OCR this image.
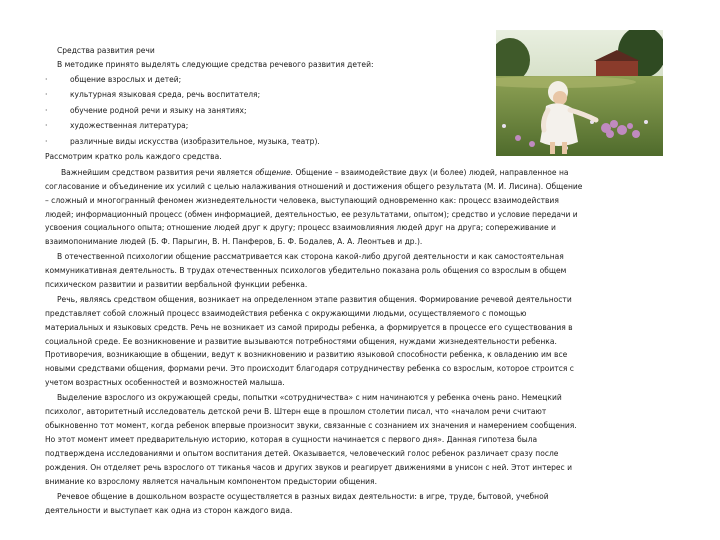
Средства развития речи
В методике принято выделять следующие средства речевого развития детей:
·	общение взрослых и детей;
·	культурная языковая среда, речь воспитателя;
·	обучение родной речи и языку на занятиях;
·	художественная литература;
·	различные виды искусства (изобразительное, музыка, театр).
Рассмотрим кратко роль каждого средства.
Важнейшим средством развития речи является общение. Общение – взаимодействие двух (и более) людей, направленное на
согласование и объединение их усилий с целью налаживания отношений и достижения общего результата (М. И. Лисина). Общение
– сложный и многогранный феномен жизнедеятельности человека, выступающий одновременно как: процесс взаимодействия
людей; информационный процесс (обмен информацией, деятельностью, ее результатами, опытом); средство и условие передачи и
усвоения социального опыта; отношение людей друг к другу; процесс взаимовлияния людей друг на друга; сопереживание и
взаимопонимание людей (Б. Ф. Парыгин, В. Н. Панферов, Б. Ф. Бодалев, А. А. Леонтьев и др.).
В отечественной психологии общение рассматривается как сторона какой-либо другой деятельности и как самостоятельная
коммуникативная деятельность. В трудах отечественных психологов убедительно показана роль общения со взрослым в общем
психическом развитии и развитии вербальной функции ребенка.
Речь, являясь средством общения, возникает на определенном этапе развития общения. Формирование речевой деятельности
представляет собой сложный процесс взаимодействия ребенка с окружающими людьми, осуществляемого с помощью
материальных и языковых средств. Речь не возникает из самой природы ребенка, а формируется в процессе его существования в
социальной среде. Ее возникновение и развитие вызываются потребностями общения, нуждами жизнедеятельности ребенка.
Противоречия, возникающие в общении, ведут к возникновению и развитию языковой способности ребенка, к овладению им все
новыми средствами общения, формами речи. Это происходит благодаря сотрудничеству ребенка со взрослым, которое строится с
учетом возрастных особенностей и возможностей малыша.
Выделение взрослого из окружающей среды, попытки «сотрудничества» с ним начинаются у ребенка очень рано. Немецкий
психолог, авторитетный исследователь детской речи В. Штерн еще в прошлом столетии писал, что «началом речи считают
обыкновенно тот момент, когда ребенок впервые произносит звуки, связанные с сознанием их значения и намерением сообщения.
Но этот момент имеет предварительную историю, которая в сущности начинается с первого дня». Данная гипотеза была
подтверждена исследованиями и опытом воспитания детей. Оказывается, человеческий голос ребенок различает сразу после
рождения. Он отделяет речь взрослого от тиканья часов и других звуков и реагирует движениями в унисон с ней. Этот интерес и
внимание ко взрослому является начальным компонентом предыстории общения.
Речевое общение в дошкольном возрасте осуществляется в разных видах деятельности: в игре, труде, бытовой, учебной
деятельности и выступает как одна из сторон каждого вида.
